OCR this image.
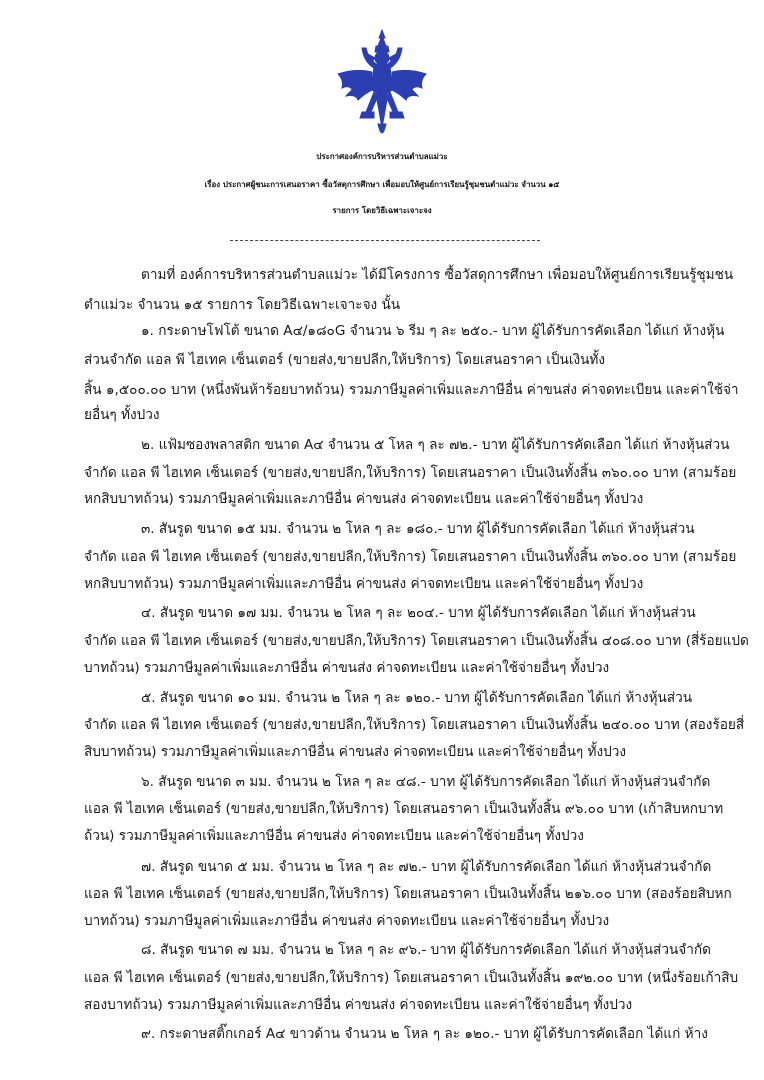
ประกาศองค์การบริหารส่วนตำบลแม่วะ
เรื่อง ประกาศผู้ชนะการเสนอราคา ซื้อวัสดุการศึกษา เพื่อมอบให้ศูนย์การเรียนรู้ชุมชนตำแม่วะ จำนวน ๑๕
รายการ โดยวิธีเฉพาะเจาะจง
ตามที่ องค์การบริหารส่วนตำบลแม่วะ ได้มีโครงการ ซื้อวัสดุการศึกษา เพื่อมอบให้ศูนย์การเรียนรู้ชุมชน
ตำแม่วะ จำนวน ๑๕ รายการ โดยวิธีเฉพาะเจาะจง นั้น
๑. กระดาษโฟโต้ ขนาด A๔/๑๘๐G จำนวน ๖ รีม ๆ ละ ๒๕๐.- บาท ผู้ได้รับการคัดเลือก ได้แก่ ห้างหุ้น
ส่วนจำกัด แอล พี ไฮเทค เซ็นเตอร์ (ขายส่ง,ขายปลีก,ให้บริการ) โดยเสนอราคา เป็นเงินทั้ง
สิ้น ๑,๕๐๐.๐๐ บาท (หนึ่งพันห้าร้อยบาทถ้วน) รวมภาษีมูลค่าเพิ่มและภาษีอื่น ค่าขนส่ง ค่าจดทะเบียน และค่าใช้จ่า
ยอื่นๆ ทั้งปวง
๒. แฟ้มซองพลาสติก ขนาด A๔ จำนวน ๕ โหล ๆ ละ ๗๒.- บาท ผู้ได้รับการคัดเลือก ได้แก่ ห้างหุ้นส่วน
จำกัด แอล พี ไฮเทค เซ็นเตอร์ (ขายส่ง,ขายปลีก,ให้บริการ) โดยเสนอราคา เป็นเงินทั้งสิ้น ๓๖๐.๐๐ บาท (สามร้อย
หกสิบบาทถ้วน) รวมภาษีมูลค่าเพิ่มและภาษีอื่น ค่าขนส่ง ค่าจดทะเบียน และค่าใช้จ่ายอื่นๆ ทั้งปวง
๓. สันรูด ขนาด ๑๕ มม. จำนวน ๒ โหล ๆ ละ ๑๘๐.- บาท ผู้ได้รับการคัดเลือก ได้แก่ ห้างหุ้นส่วน
จำกัด แอล พี ไฮเทค เซ็นเตอร์ (ขายส่ง,ขายปลีก,ให้บริการ) โดยเสนอราคา เป็นเงินทั้งสิ้น ๓๖๐.๐๐ บาท (สามร้อย
หกสิบบาทถ้วน) รวมภาษีมูลค่าเพิ่มและภาษีอื่น ค่าขนส่ง ค่าจดทะเบียน และค่าใช้จ่ายอื่นๆ ทั้งปวง
๔. สันรูด ขนาด ๑๗ มม. จำนวน ๒ โหล ๆ ละ ๒๐๔.- บาท ผู้ได้รับการคัดเลือก ได้แก่ ห้างหุ้นส่วน
จำกัด แอล พี ไฮเทค เซ็นเตอร์ (ขายส่ง,ขายปลีก,ให้บริการ) โดยเสนอราคา เป็นเงินทั้งสิ้น ๔๐๘.๐๐ บาท (สี่ร้อยแปด
บาทถ้วน) รวมภาษีมูลค่าเพิ่มและภาษีอื่น ค่าขนส่ง ค่าจดทะเบียน และค่าใช้จ่ายอื่นๆ ทั้งปวง
๕. สันรูด ขนาด ๑๐ มม. จำนวน ๒ โหล ๆ ละ ๑๒๐.- บาท ผู้ได้รับการคัดเลือก ได้แก่ ห้างหุ้นส่วน
จำกัด แอล พี ไฮเทค เซ็นเตอร์ (ขายส่ง,ขายปลีก,ให้บริการ) โดยเสนอราคา เป็นเงินทั้งสิ้น ๒๔๐.๐๐ บาท (สองร้อยสี่
สิบบาทถ้วน) รวมภาษีมูลค่าเพิ่มและภาษีอื่น ค่าขนส่ง ค่าจดทะเบียน และค่าใช้จ่ายอื่นๆ ทั้งปวง
๖. สันรูด ขนาด ๓ มม. จำนวน ๒ โหล ๆ ละ ๔๘.- บาท ผู้ได้รับการคัดเลือก ได้แก่ ห้างหุ้นส่วนจำกัด
แอล พี ไฮเทค เซ็นเตอร์ (ขายส่ง,ขายปลีก,ให้บริการ) โดยเสนอราคา เป็นเงินทั้งสิ้น ๙๖.๐๐ บาท (เก้าสิบหกบาท
ถ้วน) รวมภาษีมูลค่าเพิ่มและภาษีอื่น ค่าขนส่ง ค่าจดทะเบียน และค่าใช้จ่ายอื่นๆ ทั้งปวง
๗. สันรูด ขนาด ๕ มม. จำนวน ๒ โหล ๆ ละ ๗๒.- บาท ผู้ได้รับการคัดเลือก ได้แก่ ห้างหุ้นส่วนจำกัด
แอล พี ไฮเทค เซ็นเตอร์ (ขายส่ง,ขายปลีก,ให้บริการ) โดยเสนอราคา เป็นเงินทั้งสิ้น ๒๑๖.๐๐ บาท (สองร้อยสิบหก
บาทถ้วน) รวมภาษีมูลค่าเพิ่มและภาษีอื่น ค่าขนส่ง ค่าจดทะเบียน และค่าใช้จ่ายอื่นๆ ทั้งปวง
๘. สันรูด ขนาด ๗ มม. จำนวน ๒ โหล ๆ ละ ๙๖.- บาท ผู้ได้รับการคัดเลือก ได้แก่ ห้างหุ้นส่วนจำกัด
แอล พี ไฮเทค เซ็นเตอร์ (ขายส่ง,ขายปลีก,ให้บริการ) โดยเสนอราคา เป็นเงินทั้งสิ้น ๑๙๒.๐๐ บาท (หนึ่งร้อยเก้าสิบ
สองบาทถ้วน) รวมภาษีมูลค่าเพิ่มและภาษีอื่น ค่าขนส่ง ค่าจดทะเบียน และค่าใช้จ่ายอื่นๆ ทั้งปวง
๙. กระดาษสติ๊กเกอร์ A๔ ขาวด้าน จำนวน ๒ โหล ๆ ละ ๑๒๐.- บาท ผู้ได้รับการคัดเลือก ได้แก่ ห้าง
